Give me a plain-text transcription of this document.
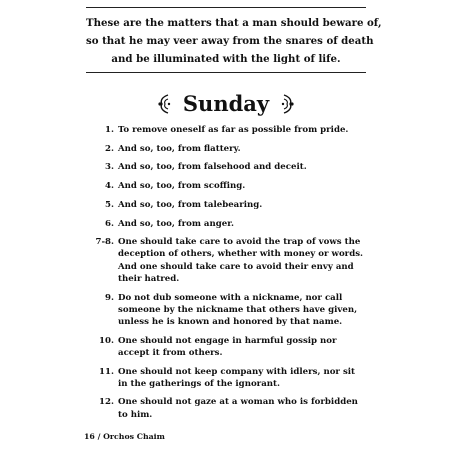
These are the matters that a man should beware of,
so that he may veer away from the snares of death
and be illuminated with the light of life.
Sunday
1. To remove oneself as far as possible from pride.
2. And so, too, from flattery.
3. And so, too, from falsehood and deceit.
4. And so, too, from scoffing.
5. And so, too, from talebearing.
6. And so, too, from anger.
7-8. One should take care to avoid the trap of vows the
deception of others, whether with money or words.
And one should take care to avoid their envy and
their hatred.
9. Do not dub someone with a nickname, nor call
someone by the nickname that others have given,
unless he is known and honored by that name.
10. One should not engage in harmful gossip nor
accept it from others.
11. One should not keep company with idlers, nor sit
in the gatherings of the ignorant.
12. One should not gaze at a woman who is forbidden
to him.
16 / Orchos Chaim
